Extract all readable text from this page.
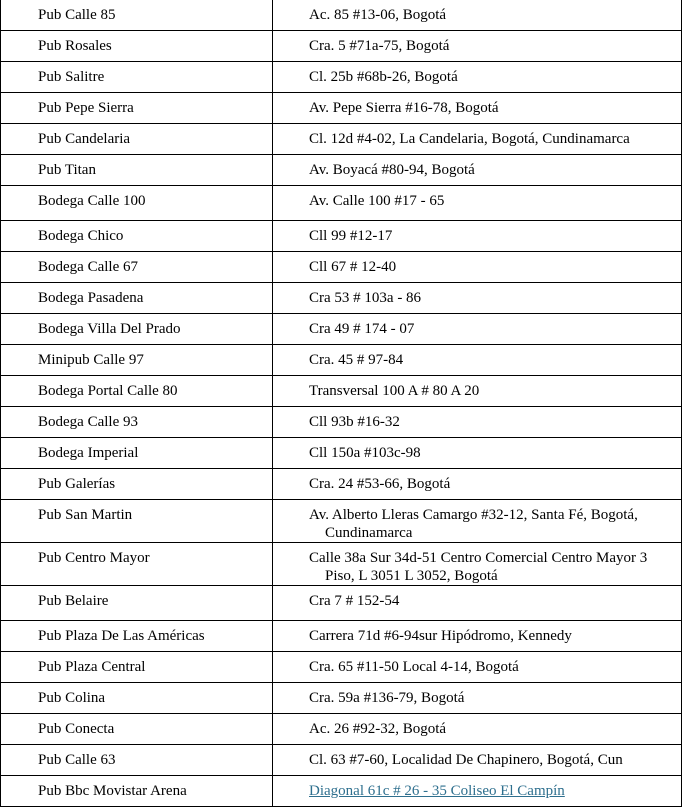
Pub Calle 85	Ac. 85 #13-06, Bogotá

Pub Rosales	Cra. 5 #71a-75, Bogotá

Pub Salitre	Cl. 25b #68b-26, Bogotá

Pub Pepe Sierra	Av. Pepe Sierra #16-78, Bogotá

Pub Candelaria	Cl. 12d #4-02, La Candelaria, Bogotá, Cundinamarca

Pub Titan	Av. Boyacá #80-94, Bogotá

Bodega Calle 100	Av. Calle 100 #17 - 65

Bodega Chico	Cll 99 #12-17

Bodega Calle 67	Cll 67 # 12-40

Bodega Pasadena	Cra 53 # 103a - 86

Bodega Villa Del Prado	Cra 49 # 174 - 07

Minipub Calle 97	Cra. 45 # 97-84

Bodega Portal Calle 80	Transversal 100 A # 80 A 20

Bodega Calle 93	Cll 93b #16-32

Bodega Imperial	Cll 150a #103c-98

Pub Galerías	Cra. 24 #53-66, Bogotá

Pub San Martin	Av. Alberto Lleras Camargo #32-12, Santa Fé, Bogotá, Cundinamarca

Pub Centro Mayor	Calle 38a Sur 34d-51 Centro Comercial Centro Mayor 3 Piso, L 3051 L 3052, Bogotá

Pub Belaire	Cra 7 # 152-54

Pub Plaza De Las Américas	Carrera 71d #6-94sur Hipódromo, Kennedy

Pub Plaza Central	Cra. 65 #11-50 Local 4-14, Bogotá

Pub Colina	Cra. 59a #136-79, Bogotá

Pub Conecta	Ac. 26 #92-32, Bogotá

Pub Calle 63	Cl. 63 #7-60, Localidad De Chapinero, Bogotá, Cun

Pub Bbc Movistar Arena	Diagonal 61c # 26 - 35 Coliseo El Campín
